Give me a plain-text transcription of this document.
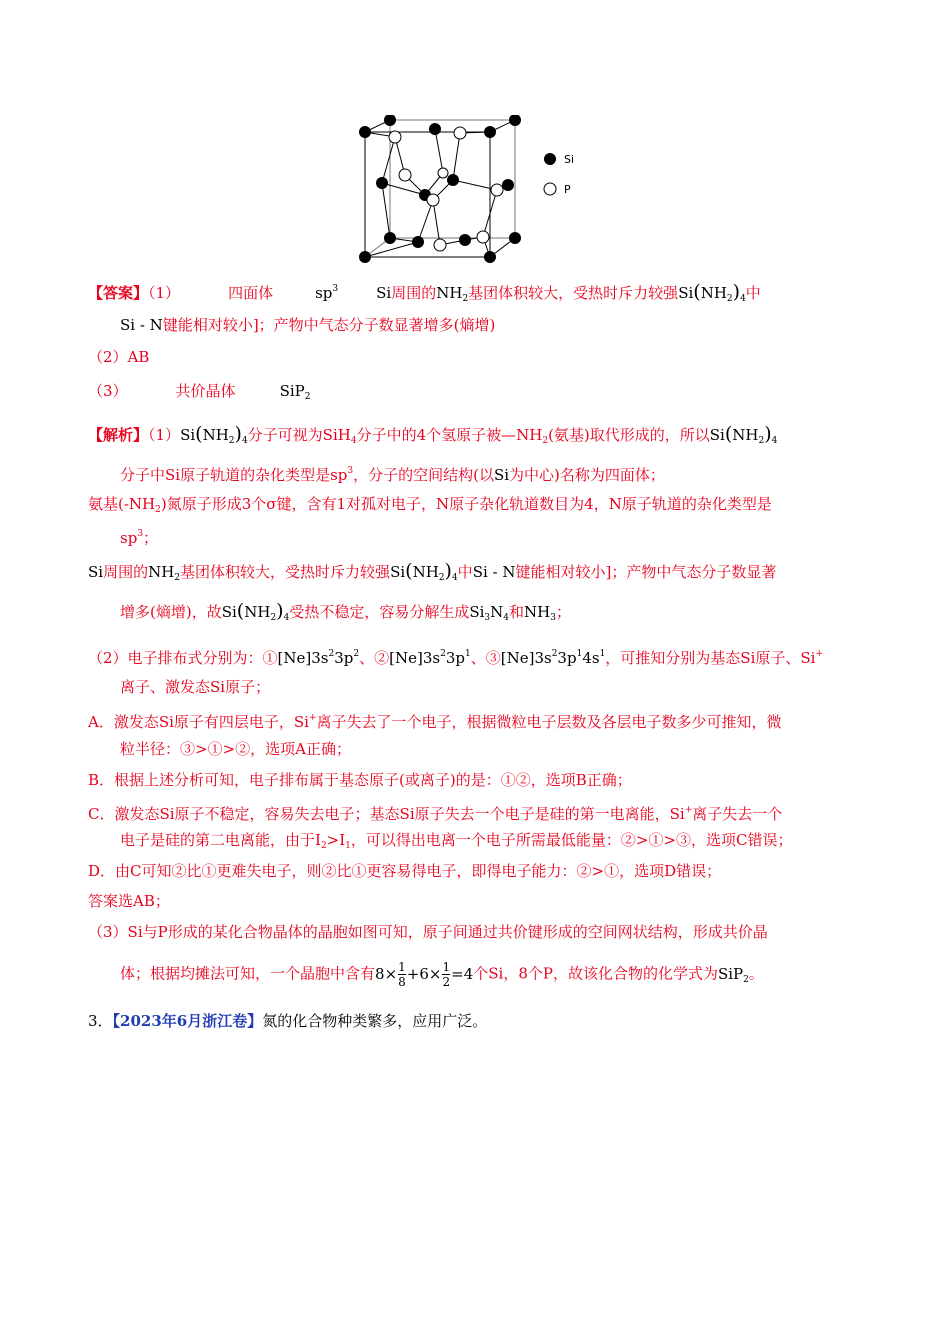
Si
P
【答案】（1）	四面体	$sp^3$	Si周围的$NH_2$基团体积较大，受热时斥力较强$Si(NH_2)_4$中
Si - N键能相对较小]；产物中气态分子数显著增多(熵增)
（2）AB
（3）	共价晶体	SiP$_2$
【解析】$(1)Si(NH_2)_4$分子可视为SiH$_4$分子中的4个氢原子被$—NH_2$(氨基)取代形成的，所以$Si(NH_2)_4$
分子中Si原子轨道的杂化类型是$sp^3$，分子的空间结构(以Si为中心)名称为四面体；
氨基$(-NH_2)$氮原子形成3个σ键，含有1对孤对电子，N原子杂化轨道数目为4，N原子轨道的杂化类型是
$sp^3$；
Si周围的$NH_2$基团体积较大，受热时斥力较强$Si(NH_2)_4$中Si - N键能相对较小]；产物中气态分子数显著
增多(熵增)，故$Si(NH_2)_4$受热不稳定，容易分解生成$Si_3N_4$和$NH_3$；
（2）电子排布式分别为：$①[Ne]3s^23p^2$、$②[Ne]3s^23p^1$、$③[Ne]3s^23p^14s^1$，可推知分别为基态Si原子、Si+
离子、激发态Si原子；
A．激发态Si原子有四层电子，Si+离子失去了一个电子，根据微粒电子层数及各层电子数多少可推知，微
粒半径：③>①>②，选项A正确；
B．根据上述分析可知，电子排布属于基态原子(或离子)的是：①②，选项B正确；
C．激发态Si原子不稳定，容易失去电子；基态Si原子失去一个电子是硅的第一电离能，Si+离子失去一个
电子是硅的第二电离能，由于$I_2>I_1$，可以得出电离一个电子所需最低能量：②>①>③，选项C错误；
D．由C可知②比①更难失电子，则②比①更容易得电子，即得电子能力：②>①，选项D错误；
答案选AB；
（3）Si与P形成的某化合物晶体的晶胞如图可知，原子间通过共价键形成的空间网状结构，形成共价晶
体；根据均摊法可知，一个晶胞中含有$8\times\frac{1}{8} +6\times\frac{1}{2} =4$个Si，8个P，故该化合物的化学式为SiP$_2$。
3．【2023年6月浙江卷】氮的化合物种类繁多，应用广泛。
